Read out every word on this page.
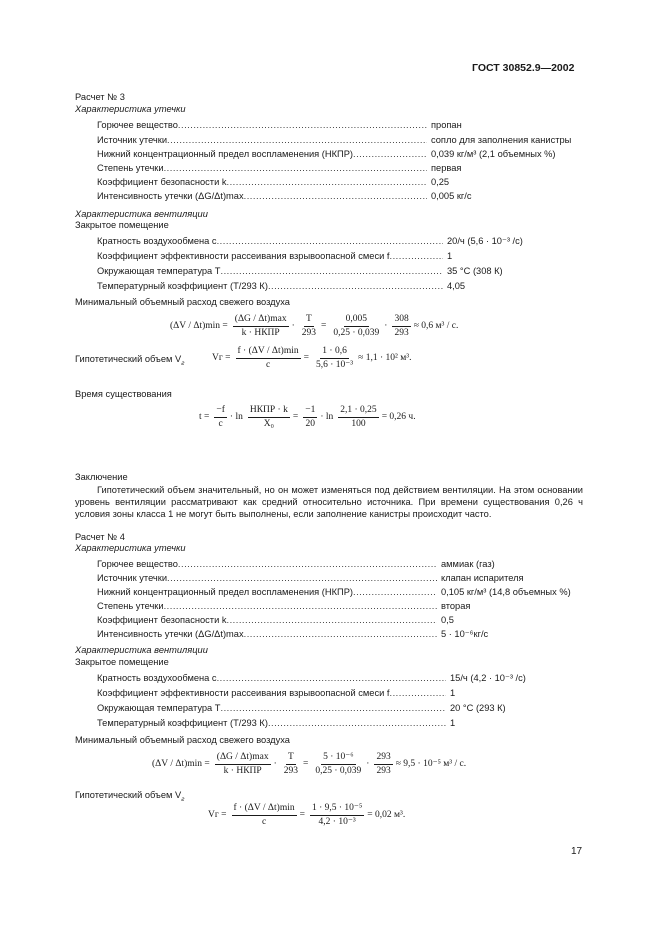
ГОСТ 30852.9—2002
Расчет № 3
Характеристика утечки
Горючее вещество .....	пропан
Источник утечки .....	сопло для заполнения канистры
Нижний концентрационный предел воспламенения (НКПР) .....	0,039 кг/м³ (2,1 объемных %)
Степень утечки .....	первая
Коэффициент безопасности k .....	0,25
Интенсивность утечки (ΔG/Δt)max .....	0,005 кг/с
Характеристика вентиляции
Закрытое помещение
Кратность воздухообмена c .....	20/ч (5,6 · 10⁻³ /с)
Коэффициент эффективности рассеивания взрывоопасной смеси f .....	1
Окружающая температура T .....	35 °C (308 К)
Температурный коэффициент (T/293 К) .....	4,05
Минимальный объемный расход свежего воздуха
$(\Delta V / \Delta t)\min = \frac{(\Delta G / \Delta t)\max}{\text{k · НКПР}} \cdot \frac{T}{293} = \frac{0,005}{0,25 \cdot 0,039} \cdot \frac{308}{293} \approx 0,6$ м³ / с.
Гипотетический объем $V_г$
Vг = $\frac{f \cdot (\Delta V / \Delta t)\min}{c} = \frac{1 \cdot 0,6}{\text{5,6 · 10⁻³}} \approx 1,1 \cdot 10^2$ м³.
Время существования
$t = \frac{-f}{c} \cdot \ln \frac{\text{НКПР · k}}{\text{X₀}} = \frac{-1}{20} \cdot \ln \frac{2,1 \cdot 0,25}{100} = 0,26$ ч.
Заключение
Гипотетический объем значительный, но он может изменяться под действием вентиляции. На этом основании уровень вентиляции рассматривают как средний относительно источника. При времени существования 0,26 ч условия зоны класса 1 не могут быть выполнены, если заполнение канистры происходит часто.
Расчет № 4
Характеристика утечки
Горючее вещество .....	аммиак (газ)
Источник утечки .....	клапан испарителя
Нижний концентрационный предел воспламенения (НКПР) .....	0,105 кг/м³ (14,8 объемных %)
Степень утечки .....	вторая
Коэффициент безопасности k .....	0,5
Интенсивность утечки (ΔG/Δt)max .....	5 · 10⁻⁶кг/с
Характеристика вентиляции
Закрытое помещение
Кратность воздухообмена c .....	15/ч (4,2 · 10⁻³ /с)
Коэффициент эффективности рассеивания взрывоопасной смеси f .....	1
Окружающая температура T .....	20 °C (293 К)
Температурный коэффициент (T/293 К) .....	1
Минимальный объемный расход свежего воздуха
$(\Delta V / \Delta t)\min = \frac{(\Delta G / \Delta t)\max}{\text{k · НКПР}} \cdot \frac{T}{293} = \frac{\text{5 · 10⁻⁶}}{0,25 \cdot 0,039} \cdot \frac{293}{293} \approx 9,5 \cdot 10^{-5}$ м³ / с.
Гипотетический объем $V_г$
Vг = $\frac{f \cdot (\Delta V / \Delta t)\min}{c} = \frac{\text{1 · 9,5 · 10⁻⁵}}{\text{4,2 · 10⁻³}} = 0,02$ м³.
17
